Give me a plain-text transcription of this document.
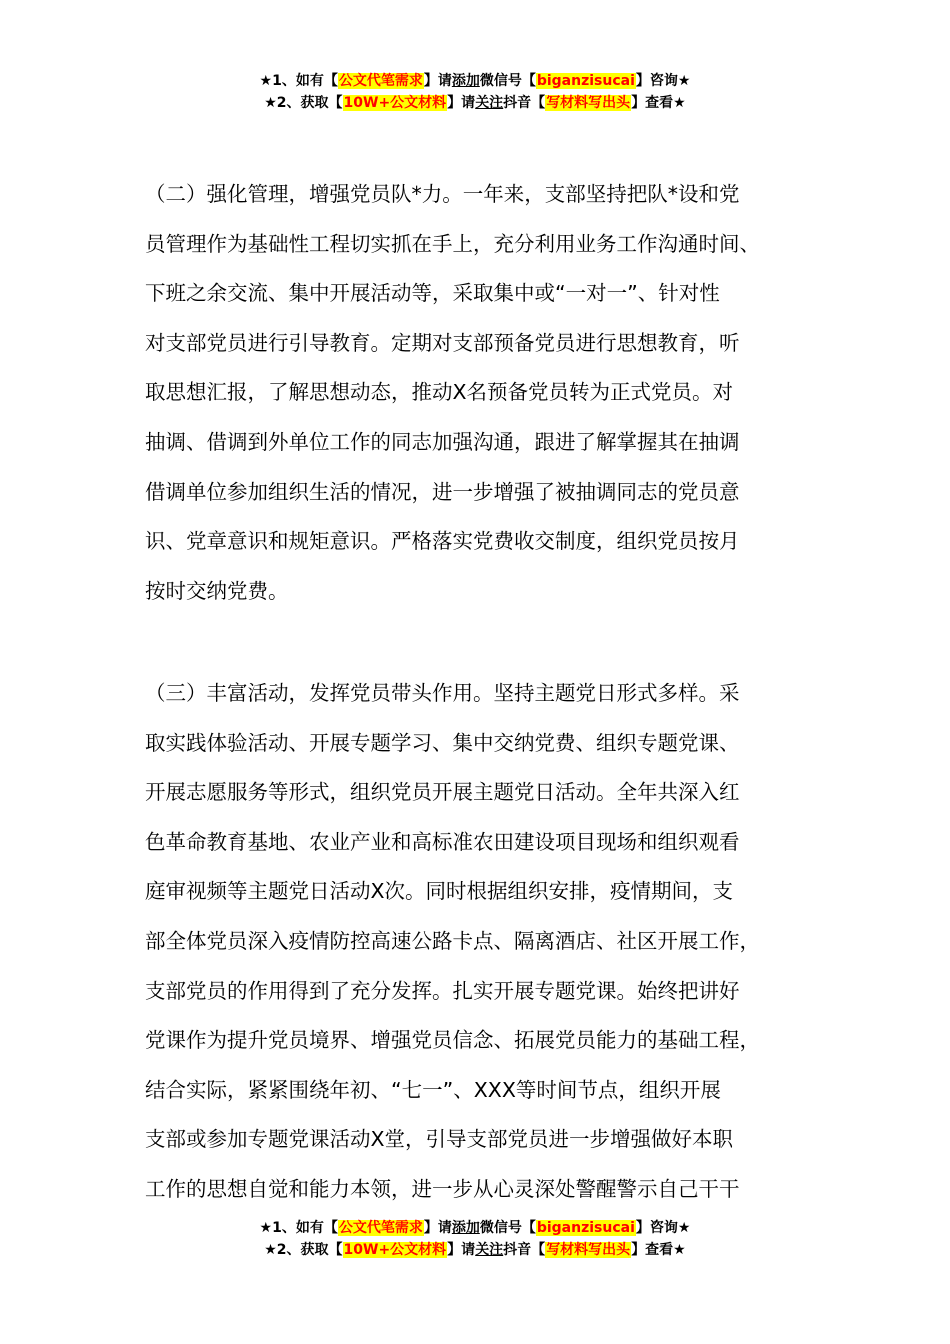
★1、如有【公文代笔需求】请添加微信号【biganzisucai】咨询★
★2、获取【10W+公文材料】请关注抖音【写材料写出头】查看★
（二）强化管理，增强党员队*力。一年来，支部坚持把队*设和党
员管理作为基础性工程切实抓在手上，充分利用业务工作沟通时间、
下班之余交流、集中开展活动等，采取集中或“一对一”、针对性
对支部党员进行引导教育。定期对支部预备党员进行思想教育，听
取思想汇报，了解思想动态，推动X名预备党员转为正式党员。对
抽调、借调到外单位工作的同志加强沟通，跟进了解掌握其在抽调
借调单位参加组织生活的情况，进一步增强了被抽调同志的党员意
识、党章意识和规矩意识。严格落实党费收交制度，组织党员按月
按时交纳党费。
（三）丰富活动，发挥党员带头作用。坚持主题党日形式多样。采
取实践体验活动、开展专题学习、集中交纳党费、组织专题党课、
开展志愿服务等形式，组织党员开展主题党日活动。全年共深入红
色革命教育基地、农业产业和高标准农田建设项目现场和组织观看
庭审视频等主题党日活动X次。同时根据组织安排，疫情期间，支
部全体党员深入疫情防控高速公路卡点、隔离酒店、社区开展工作，
支部党员的作用得到了充分发挥。扎实开展专题党课。始终把讲好
党课作为提升党员境界、增强党员信念、拓展党员能力的基础工程，
结合实际，紧紧围绕年初、“七一”、XXX等时间节点，组织开展
支部或参加专题党课活动X堂，引导支部党员进一步增强做好本职
工作的思想自觉和能力本领，进一步从心灵深处警醒警示自己干干
★1、如有【公文代笔需求】请添加微信号【biganzisucai】咨询★
★2、获取【10W+公文材料】请关注抖音【写材料写出头】查看★
